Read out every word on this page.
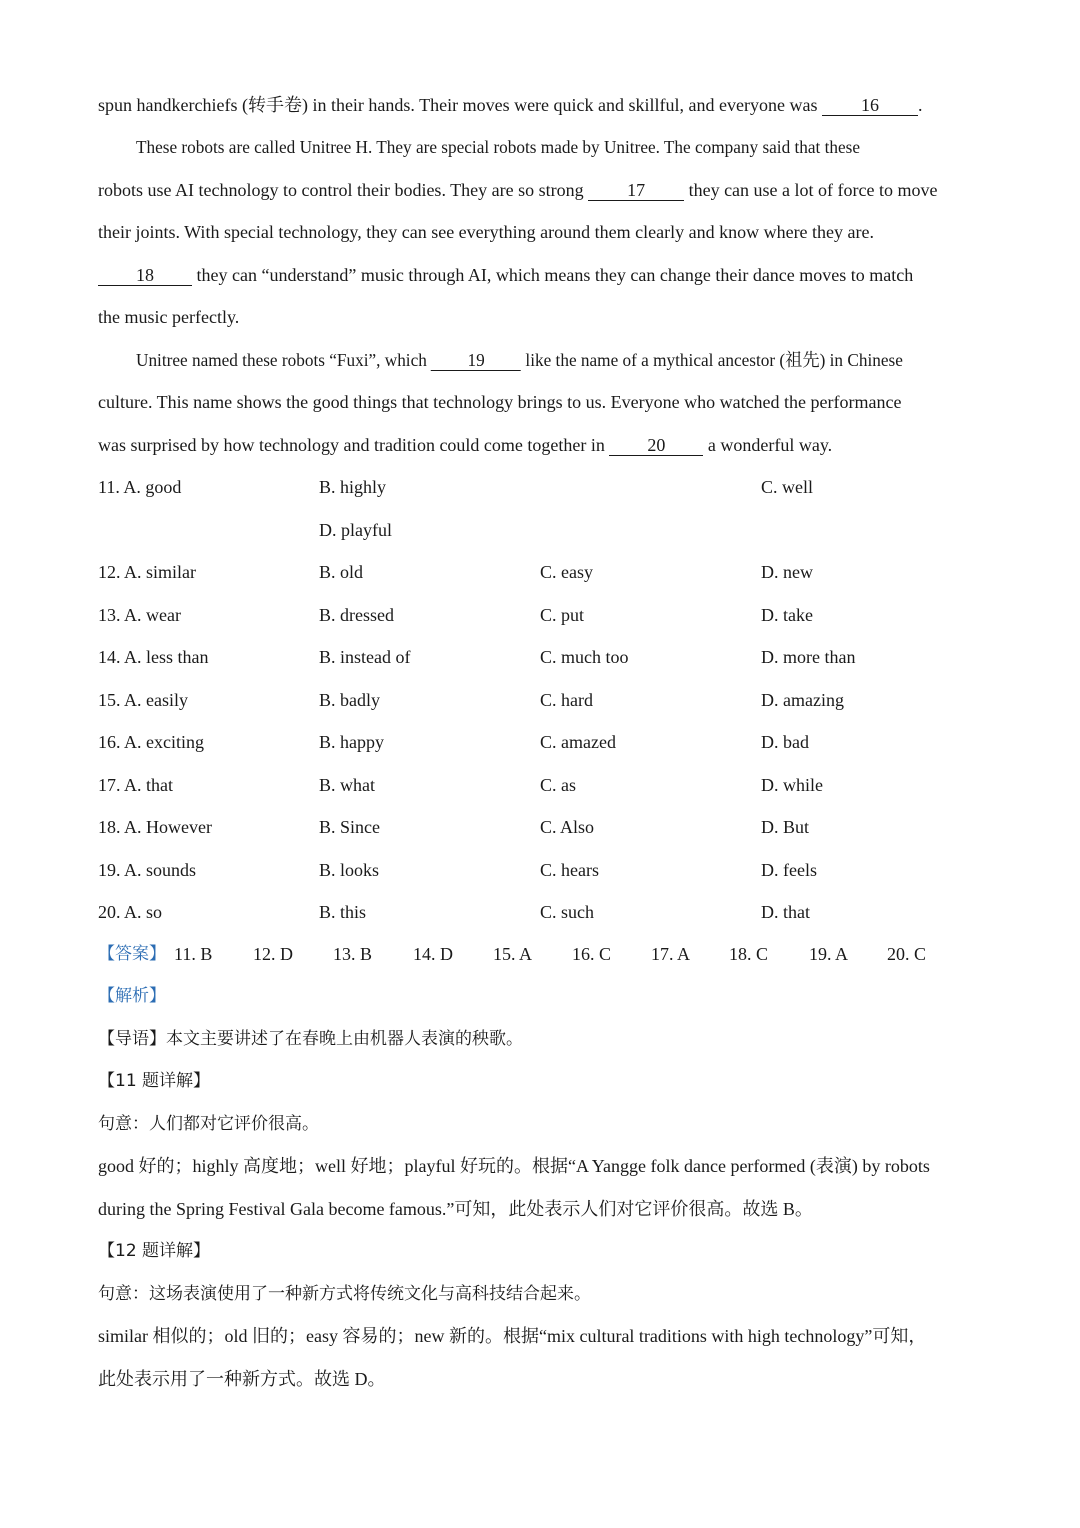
spun handkerchiefs (转手卷) in their hands. Their moves were quick and skillful, and everyone was 16 .
These robots are called Unitree H. They are special robots made by Unitree. The company said that these
robots use AI technology to control their bodies. They are so strong 17 they can use a lot of force to move
their joints. With special technology, they can see everything around them clearly and know where they are.
18 they can “understand” music through AI, which means they can change their dance moves to match
the music perfectly.
Unitree named these robots “Fuxi”, which 19 like the name of a mythical ancestor (祖先) in Chinese
culture. This name shows the good things that technology brings to us. Everyone who watched the performance
was surprised by how technology and tradition could come together in 20 a wonderful way.
11. A. good	B. highly	C. well
D. playful
12. A. similar	B. old	C. easy	D. new
13. A. wear	B. dressed	C. put	D. take
14. A. less than	B. instead of	C. much too	D. more than
15. A. easily	B. badly	C. hard	D. amazing
16. A. exciting	B. happy	C. amazed	D. bad
17. A. that	B. what	C. as	D. while
18. A. However	B. Since	C. Also	D. But
19. A. sounds	B. looks	C. hears	D. feels
20. A. so	B. this	C. such	D. that
【答案】 11. B 12. D 13. B 14. D 15. A 16. C 17. A 18. C 19. A 20. C
【解析】
【导语】本文主要讲述了在春晚上由机器人表演的秧歌。
【11 题详解】
句意：人们都对它评价很高。
good 好的；highly 高度地；well 好地；playful 好玩的。根据“A Yangge folk dance performed (表演) by robots
during the Spring Festival Gala become famous.”可知，此处表示人们对它评价很高。故选 B。
【12 题详解】
句意：这场表演使用了一种新方式将传统文化与高科技结合起来。
similar 相似的；old 旧的；easy 容易的；new 新的。根据“mix cultural traditions with high technology”可知，
此处表示用了一种新方式。故选 D。
